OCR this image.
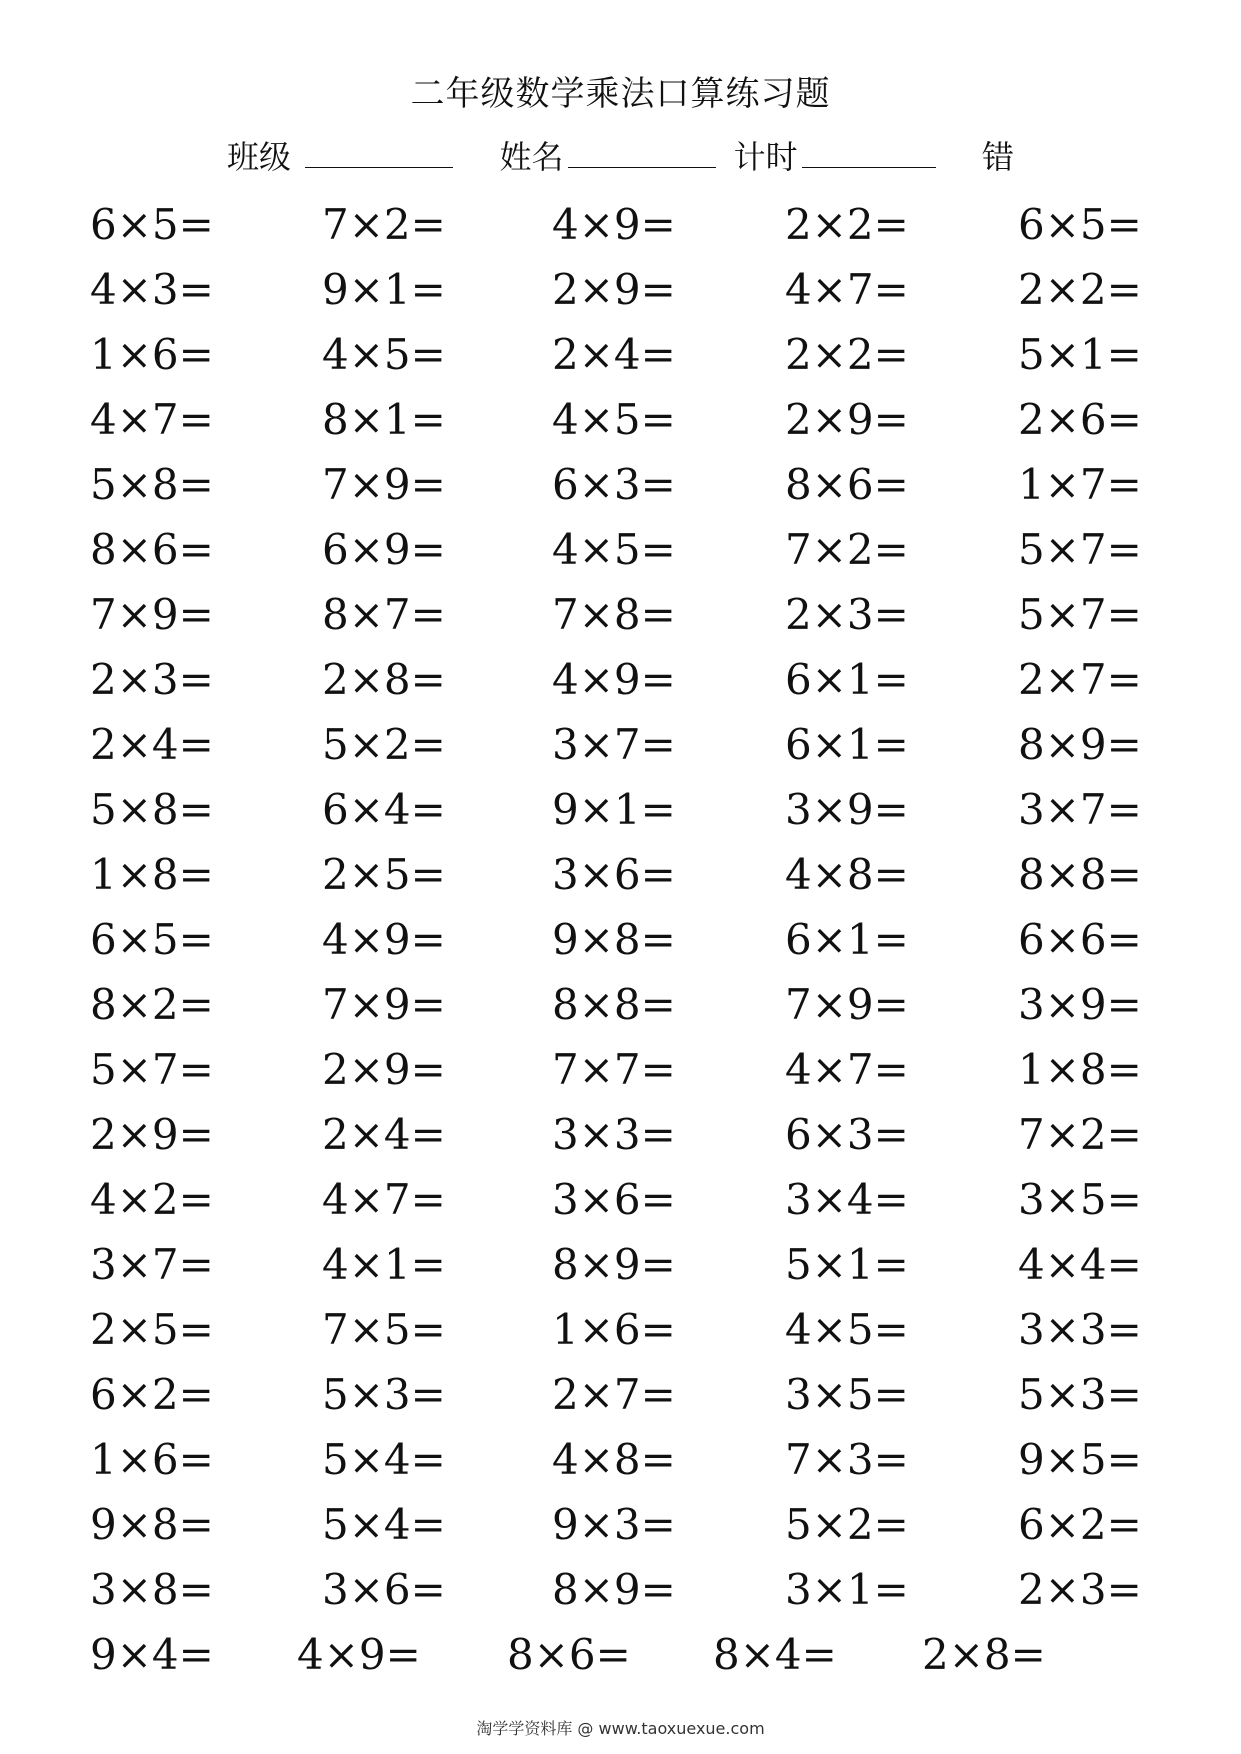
二年级数学乘法口算练习题
班级	姓名	计时	错
6×5=	7×2=	4×9=	2×2=	6×5=
4×3=	9×1=	2×9=	4×7=	2×2=
1×6=	4×5=	2×4=	2×2=	5×1=
4×7=	8×1=	4×5=	2×9=	2×6=
5×8=	7×9=	6×3=	8×6=	1×7=
8×6=	6×9=	4×5=	7×2=	5×7=
7×9=	8×7=	7×8=	2×3=	5×7=
2×3=	2×8=	4×9=	6×1=	2×7=
2×4=	5×2=	3×7=	6×1=	8×9=
5×8=	6×4=	9×1=	3×9=	3×7=
1×8=	2×5=	3×6=	4×8=	8×8=
6×5=	4×9=	9×8=	6×1=	6×6=
8×2=	7×9=	8×8=	7×9=	3×9=
5×7=	2×9=	7×7=	4×7=	1×8=
2×9=	2×4=	3×3=	6×3=	7×2=
4×2=	4×7=	3×6=	3×4=	3×5=
3×7=	4×1=	8×9=	5×1=	4×4=
2×5=	7×5=	1×6=	4×5=	3×3=
6×2=	5×3=	2×7=	3×5=	5×3=
1×6=	5×4=	4×8=	7×3=	9×5=
9×8=	5×4=	9×3=	5×2=	6×2=
3×8=	3×6=	8×9=	3×1=	2×3=
9×4= 4×9= 8×6= 8×4= 2×8=
淘学学资料库 @ www.taoxuexue.com
